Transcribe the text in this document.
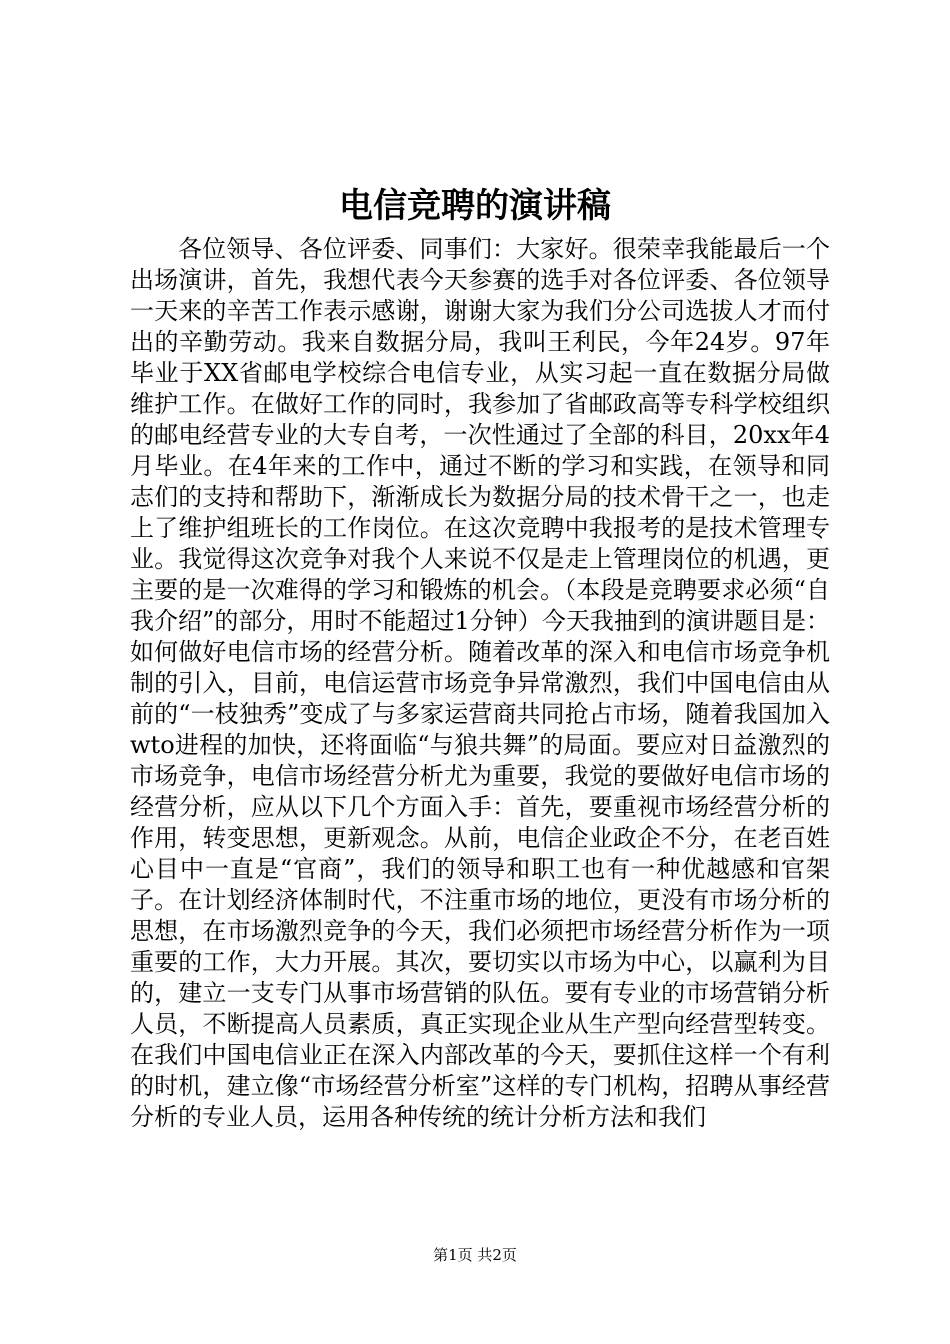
电信竞聘的演讲稿

各位领导、各位评委、同事们：大家好。很荣幸我能最后一个出场演讲，首先，我想代表今天参赛的选手对各位评委、各位领导一天来的辛苦工作表示感谢，谢谢大家为我们分公司选拔人才而付出的辛勤劳动。我来自数据分局，我叫王利民，今年24岁。97年毕业于XX省邮电学校综合电信专业，从实习起一直在数据分局做维护工作。在做好工作的同时，我参加了省邮政高等专科学校组织的邮电经营专业的大专自考，一次性通过了全部的科目，20xx年4月毕业。在4年来的工作中，通过不断的学习和实践，在领导和同志们的支持和帮助下，渐渐成长为数据分局的技术骨干之一，也走上了维护组班长的工作岗位。在这次竞聘中我报考的是技术管理专业。我觉得这次竞争对我个人来说不仅是走上管理岗位的机遇，更主要的是一次难得的学习和锻炼的机会。（本段是竞聘要求必须“自我介绍”的部分，用时不能超过1分钟）今天我抽到的演讲题目是：如何做好电信市场的经营分析。随着改革的深入和电信市场竞争机制的引入，目前，电信运营市场竞争异常激烈，我们中国电信由从前的“一枝独秀”变成了与多家运营商共同抢占市场，随着我国加入wto进程的加快，还将面临“与狼共舞”的局面。要应对日益激烈的市场竞争，电信市场经营分析尤为重要，我觉的要做好电信市场的经营分析，应从以下几个方面入手：首先，要重视市场经营分析的作用，转变思想，更新观念。从前，电信企业政企不分，在老百姓心目中一直是“官商”，我们的领导和职工也有一种优越感和官架子。在计划经济体制时代，不注重市场的地位，更没有市场分析的思想，在市场激烈竞争的今天，我们必须把市场经营分析作为一项重要的工作，大力开展。其次，要切实以市场为中心，以赢利为目的，建立一支专门从事市场营销的队伍。要有专业的市场营销分析人员，不断提高人员素质，真正实现企业从生产型向经营型转变。在我们中国电信业正在深入内部改革的今天，要抓住这样一个有利的时机，建立像“市场经营分析室”这样的专门机构，招聘从事经营分析的专业人员，运用各种传统的统计分析方法和我们

第1页 共2页
